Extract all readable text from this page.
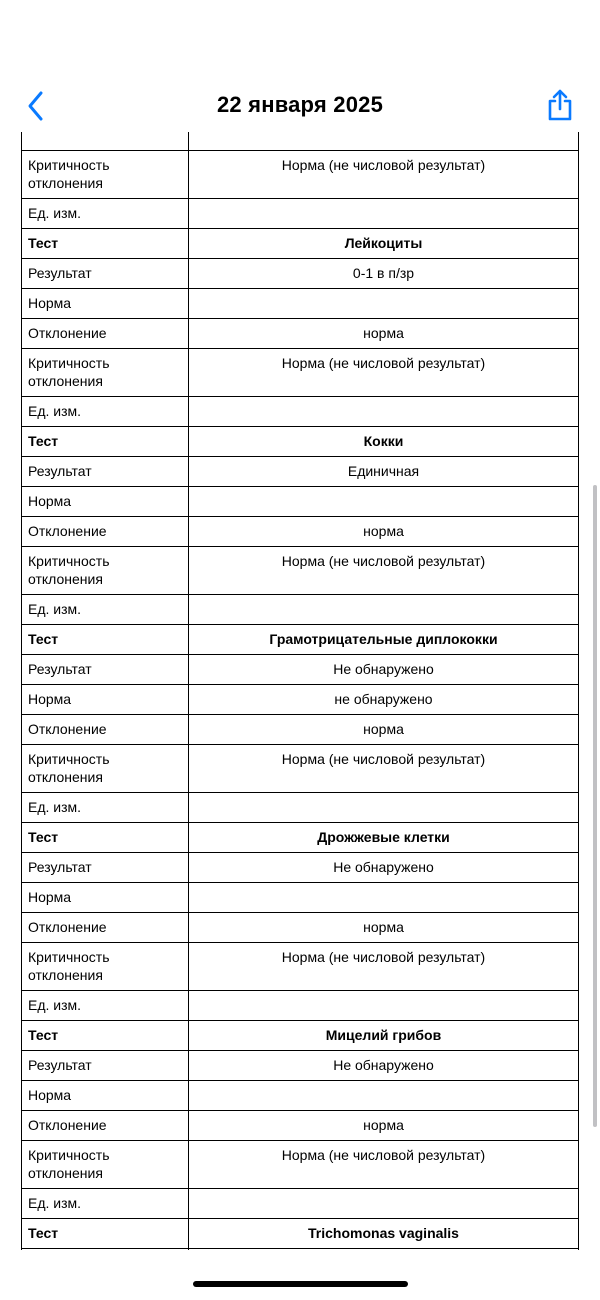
22 января 2025

Критичность отклонения	Норма (не числовой результат)
Ед. изм.	
Тест	Лейкоциты
Результат	0-1 в п/зр
Норма	
Отклонение	норма
Критичность отклонения	Норма (не числовой результат)
Ед. изм.	
Тест	Кокки
Результат	Единичная
Норма	
Отклонение	норма
Критичность отклонения	Норма (не числовой результат)
Ед. изм.	
Тест	Грамотрицательные диплококки
Результат	Не обнаружено
Норма	не обнаружено
Отклонение	норма
Критичность отклонения	Норма (не числовой результат)
Ед. изм.	
Тест	Дрожжевые клетки
Результат	Не обнаружено
Норма	
Отклонение	норма
Критичность отклонения	Норма (не числовой результат)
Ед. изм.	
Тест	Мицелий грибов
Результат	Не обнаружено
Норма	
Отклонение	норма
Критичность отклонения	Норма (не числовой результат)
Ед. изм.	
Тест	Trichomonas vaginalis
